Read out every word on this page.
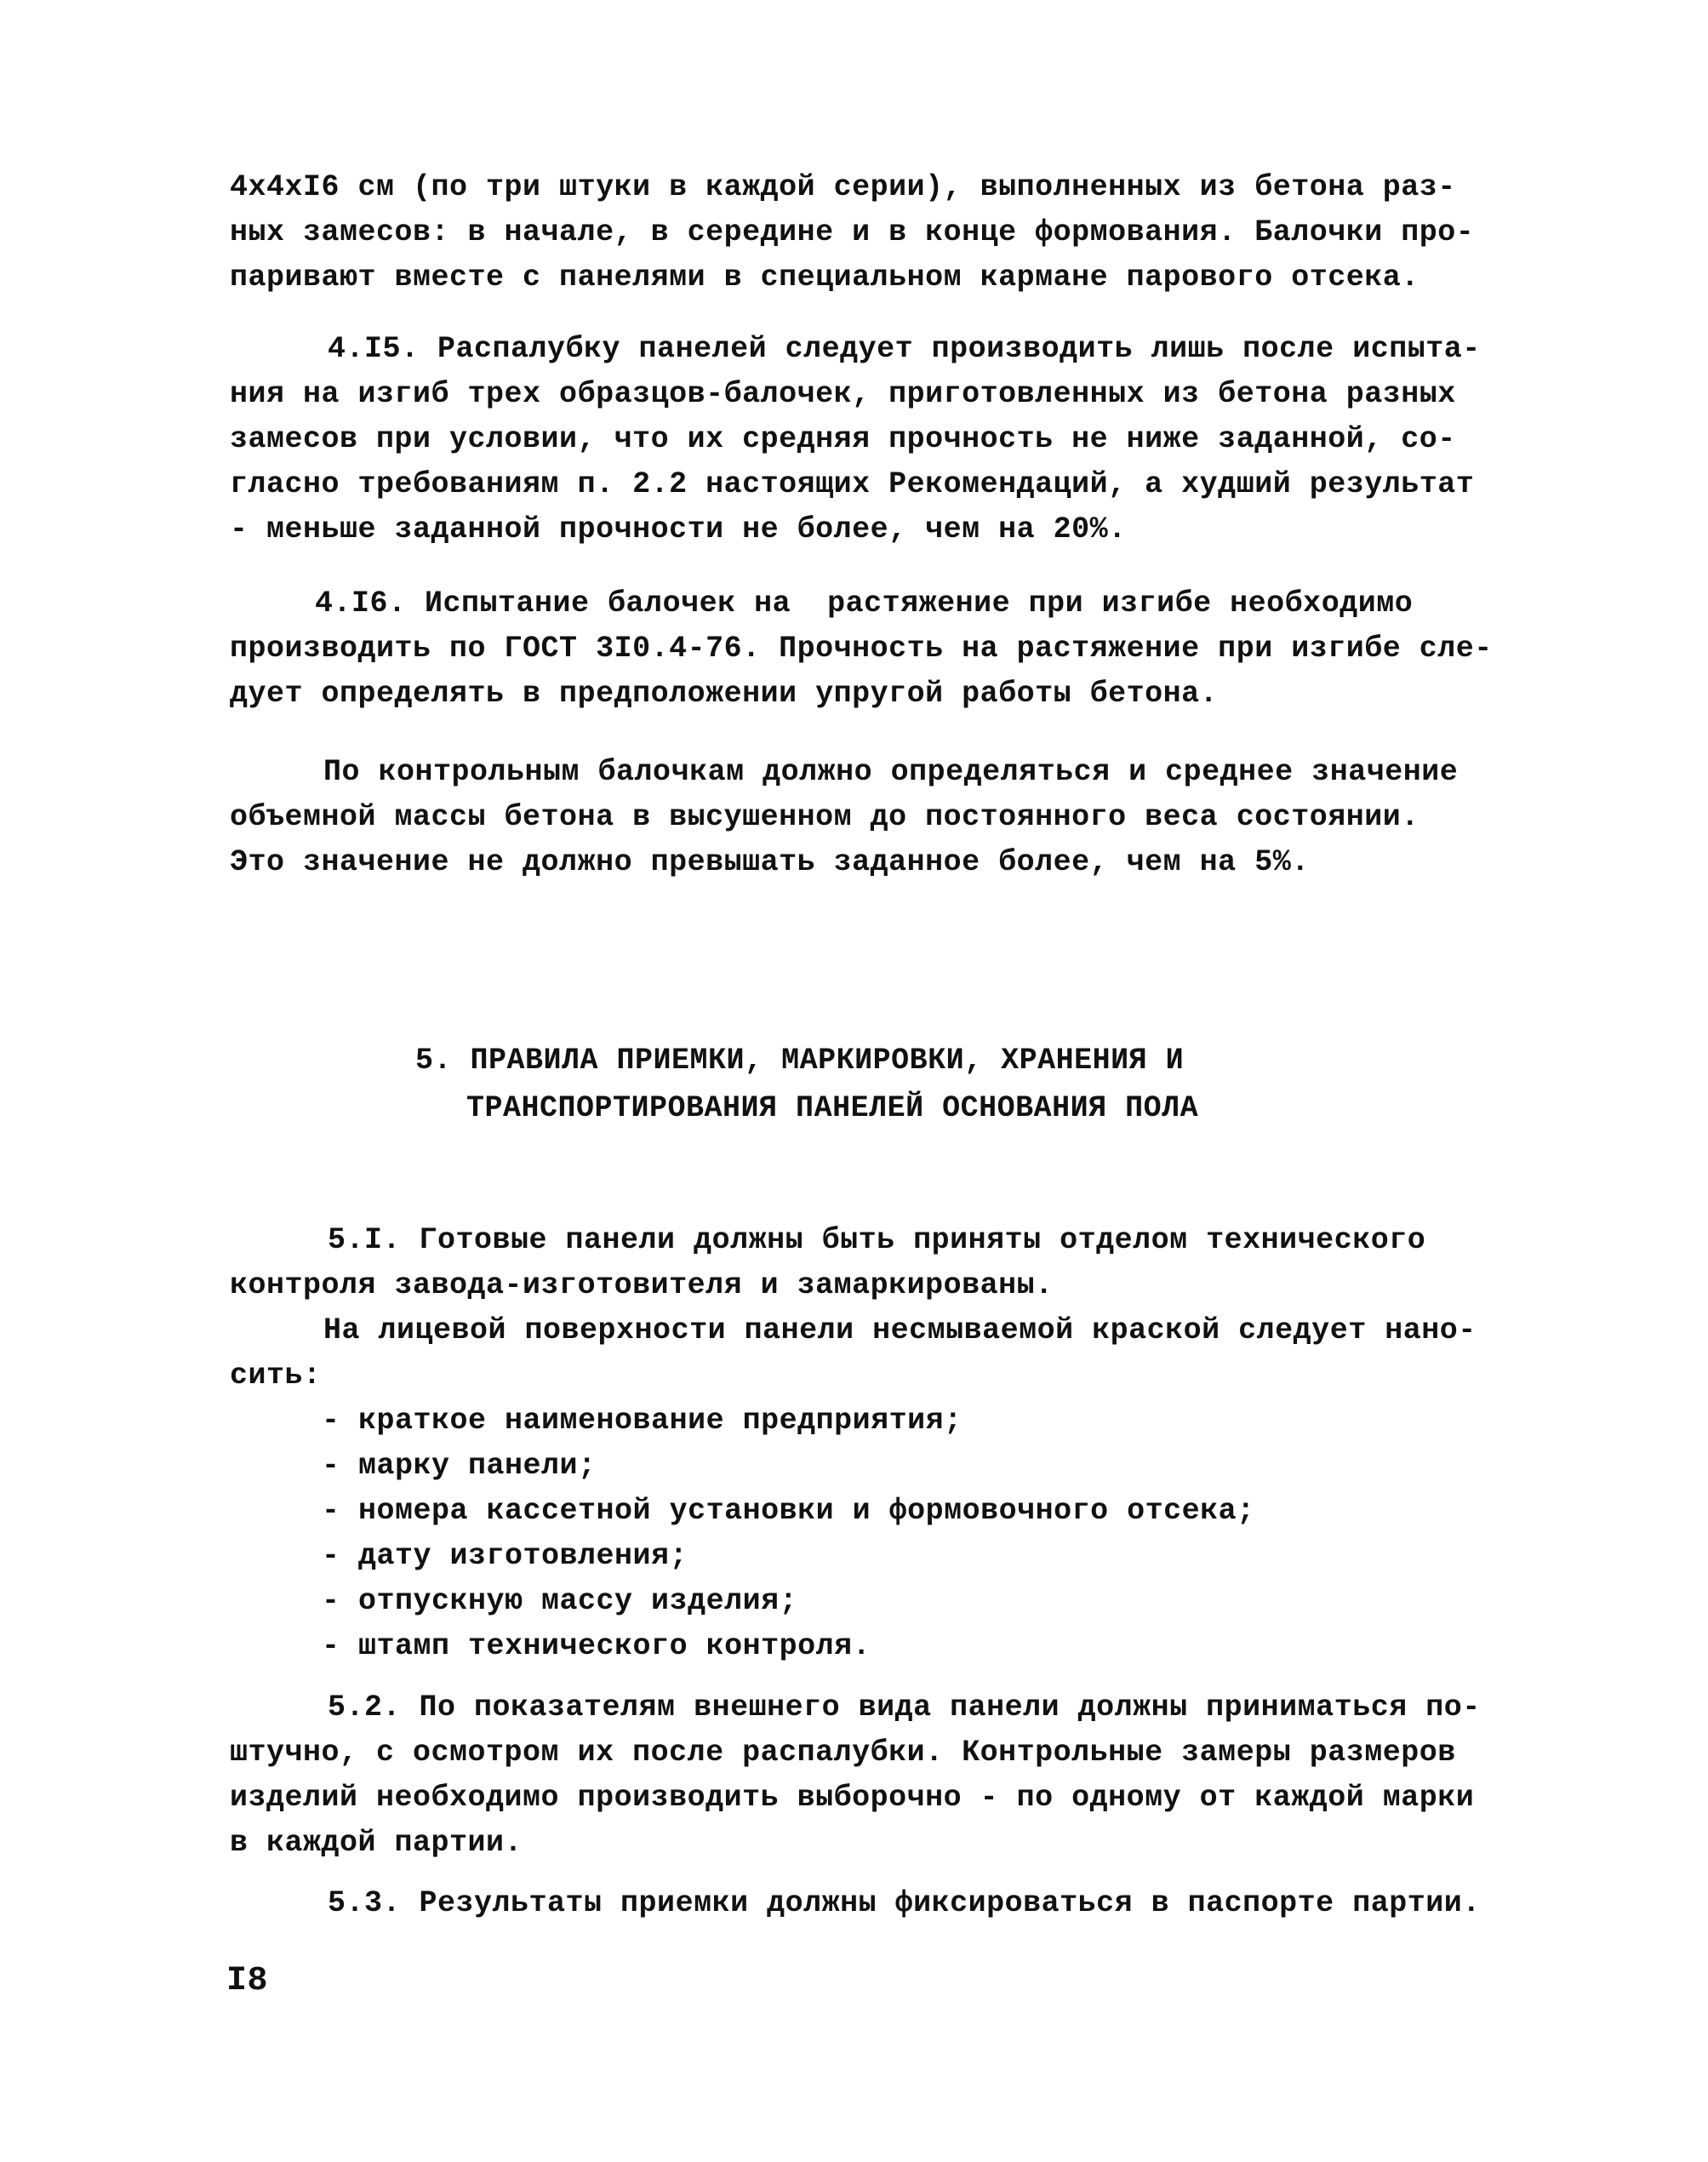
4х4хI6 см (по три штуки в каждой серии), выполненных из бетона раз-
ных замесов: в начале, в середине и в конце формования. Балочки про-
паривают вместе с панелями в специальном кармане парового отсека.
4.I5. Распалубку панелей следует производить лишь после испыта-
ния на изгиб трех образцов-балочек, приготовленных из бетона разных
замесов при условии, что их средняя прочность не ниже заданной, со-
гласно требованиям п. 2.2 настоящих Рекомендаций, а худший результат
- меньше заданной прочности не более, чем на 20%.
4.I6. Испытание балочек на  растяжение при изгибе необходимо
производить по ГОСТ 3I0.4-76. Прочность на растяжение при изгибе сле-
дует определять в предположении упругой работы бетона.
По контрольным балочкам должно определяться и среднее значение
объемной массы бетона в высушенном до постоянного веса состоянии.
Это значение не должно превышать заданное более, чем на 5%.
5. ПРАВИЛА ПРИЕМКИ, МАРКИРОВКИ, ХРАНЕНИЯ И
ТРАНСПОРТИРОВАНИЯ ПАНЕЛЕЙ ОСНОВАНИЯ ПОЛА
5.I. Готовые панели должны быть приняты отделом технического
контроля завода-изготовителя и замаркированы.
На лицевой поверхности панели несмываемой краской следует нано-
сить:
- краткое наименование предприятия;
- марку панели;
- номера кассетной установки и формовочного отсека;
- дату изготовления;
- отпускную массу изделия;
- штамп технического контроля.
5.2. По показателям внешнего вида панели должны приниматься по-
штучно, с осмотром их после распалубки. Контрольные замеры размеров
изделий необходимо производить выборочно - по одному от каждой марки
в каждой партии.
5.3. Результаты приемки должны фиксироваться в паспорте партии.
I8
